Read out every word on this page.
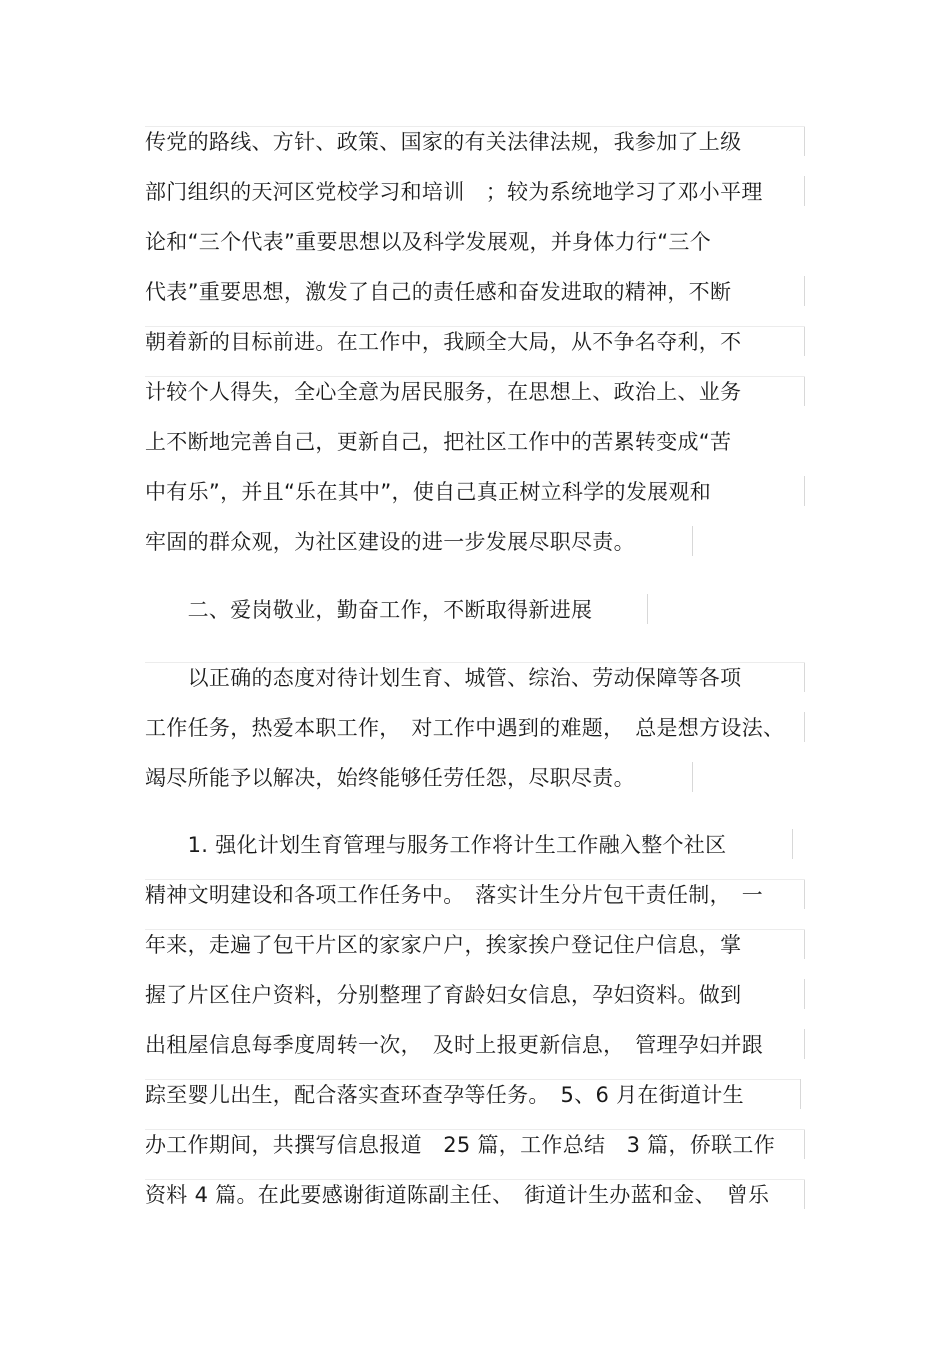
传党的路线、方针、政策、国家的有关法律法规，我参加了上级
部门组织的天河区党校学习和培训　；较为系统地学习了邓小平理
论和“三个代表”重要思想以及科学发展观，并身体力行“三个
代表”重要思想，激发了自己的责任感和奋发进取的精神，不断
朝着新的目标前进。在工作中，我顾全大局，从不争名夺利，不
计较个人得失，全心全意为居民服务，在思想上、政治上、业务
上不断地完善自己，更新自己，把社区工作中的苦累转变成“苦
中有乐”，并且“乐在其中”，使自己真正树立科学的发展观和
牢固的群众观，为社区建设的进一步发展尽职尽责。
　　二、爱岗敬业，勤奋工作，不断取得新进展
　　以正确的态度对待计划生育、城管、综治、劳动保障等各项
工作任务，热爱本职工作，　对工作中遇到的难题，　总是想方设法、
竭尽所能予以解决，始终能够任劳任怨，尽职尽责。
　　1. 强化计划生育管理与服务工作将计生工作融入整个社区
精神文明建设和各项工作任务中。　落实计生分片包干责任制，　一
年来，走遍了包干片区的家家户户，挨家挨户登记住户信息，掌
握了片区住户资料，分别整理了育龄妇女信息，孕妇资料。做到
出租屋信息每季度周转一次，　及时上报更新信息，　管理孕妇并跟
踪至婴儿出生，配合落实查环查孕等任务。　5、6 月在街道计生
办工作期间，共撰写信息报道　25 篇，工作总结　3 篇，侨联工作
资料 4 篇。在此要感谢街道陈副主任、　街道计生办蓝和金、　曾乐
